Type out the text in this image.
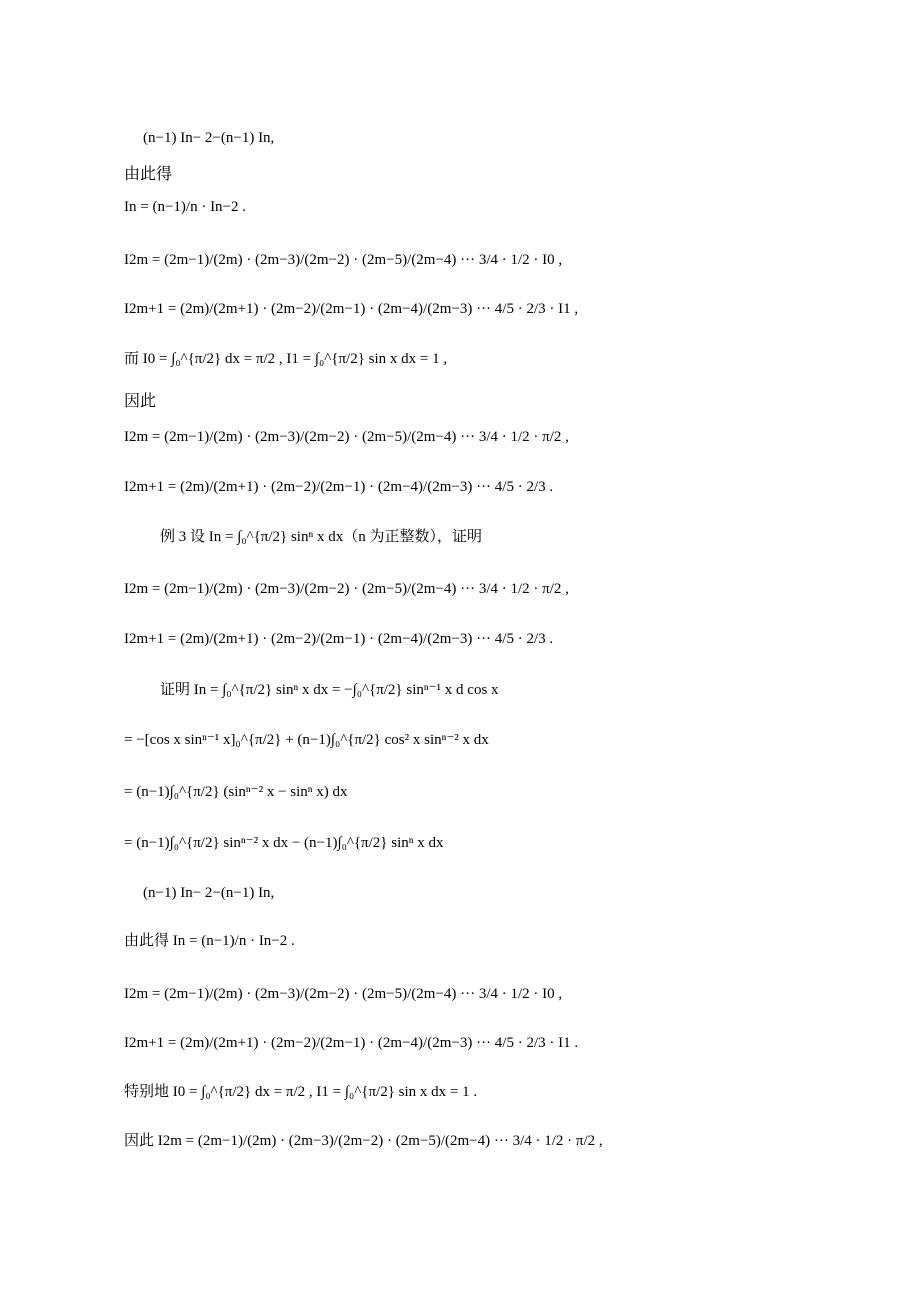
(n−1) In− 2−(n−1) In,
由此得
In = (n−1)/n · In−2 .
I2m = (2m−1)/(2m) · (2m−3)/(2m−2) · (2m−5)/(2m−4) ··· 3/4 · 1/2 · I0 ,
I2m+1 = (2m)/(2m+1) · (2m−2)/(2m−1) · (2m−4)/(2m−3) ··· 4/5 · 2/3 · I1 ,
而 I0 = ∫₀^{π/2} dx = π/2 , I1 = ∫₀^{π/2} sin x dx = 1 ,
因此
I2m = (2m−1)/(2m) · (2m−3)/(2m−2) · (2m−5)/(2m−4) ··· 3/4 · 1/2 · π/2 ,
I2m+1 = (2m)/(2m+1) · (2m−2)/(2m−1) · (2m−4)/(2m−3) ··· 4/5 · 2/3 .
例 3 设 In = ∫₀^{π/2} sinⁿ x dx（n 为正整数），证明
I2m = (2m−1)/(2m) · (2m−3)/(2m−2) · (2m−5)/(2m−4) ··· 3/4 · 1/2 · π/2 ,
I2m+1 = (2m)/(2m+1) · (2m−2)/(2m−1) · (2m−4)/(2m−3) ··· 4/5 · 2/3 .
证明 In = ∫₀^{π/2} sinⁿ x dx = −∫₀^{π/2} sinⁿ⁻¹ x d cos x
= −[cos x sinⁿ⁻¹ x]₀^{π/2} + (n−1)∫₀^{π/2} cos² x sinⁿ⁻² x dx
= (n−1)∫₀^{π/2} (sinⁿ⁻² x − sinⁿ x) dx
= (n−1)∫₀^{π/2} sinⁿ⁻² x dx − (n−1)∫₀^{π/2} sinⁿ x dx
(n−1) In− 2−(n−1) In,
由此得 In = (n−1)/n · In−2 .
I2m = (2m−1)/(2m) · (2m−3)/(2m−2) · (2m−5)/(2m−4) ··· 3/4 · 1/2 · I0 ,
I2m+1 = (2m)/(2m+1) · (2m−2)/(2m−1) · (2m−4)/(2m−3) ··· 4/5 · 2/3 · I1 .
特别地 I0 = ∫₀^{π/2} dx = π/2 , I1 = ∫₀^{π/2} sin x dx = 1 .
因此 I2m = (2m−1)/(2m) · (2m−3)/(2m−2) · (2m−5)/(2m−4) ··· 3/4 · 1/2 · π/2 ,
